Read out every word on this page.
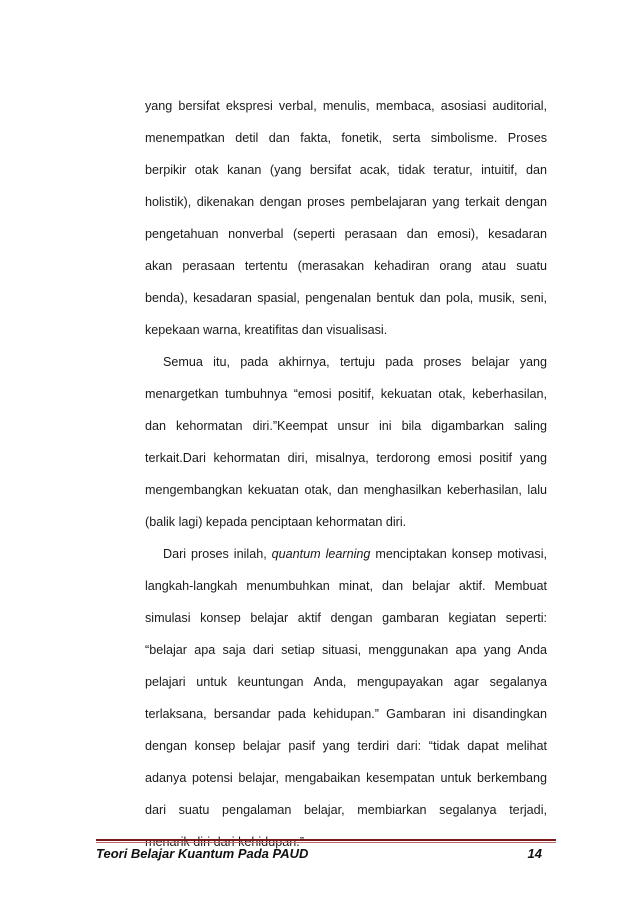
yang bersifat ekspresi verbal, menulis, membaca, asosiasi auditorial,
menempatkan detil dan fakta, fonetik, serta simbolisme. Proses
berpikir otak kanan (yang bersifat acak, tidak teratur, intuitif, dan
holistik), dikenakan dengan proses pembelajaran yang terkait dengan
pengetahuan nonverbal (seperti perasaan dan emosi), kesadaran
akan perasaan tertentu (merasakan kehadiran orang atau suatu
benda), kesadaran spasial, pengenalan bentuk dan pola, musik, seni,
kepekaan warna, kreatifitas dan visualisasi.
Semua itu, pada akhirnya, tertuju pada proses belajar yang
menargetkan tumbuhnya “emosi positif, kekuatan otak, keberhasilan,
dan kehormatan diri.”Keempat unsur ini bila digambarkan saling
terkait.Dari kehormatan diri, misalnya, terdorong emosi positif yang
mengembangkan kekuatan otak, dan menghasilkan keberhasilan, lalu
(balik lagi) kepada penciptaan kehormatan diri.
Dari proses inilah, quantum learning menciptakan konsep motivasi,
langkah-langkah menumbuhkan minat, dan belajar aktif. Membuat
simulasi konsep belajar aktif dengan gambaran kegiatan seperti:
“belajar apa saja dari setiap situasi, menggunakan apa yang Anda
pelajari untuk keuntungan Anda, mengupayakan agar segalanya
terlaksana, bersandar pada kehidupan.” Gambaran ini disandingkan
dengan konsep belajar pasif yang terdiri dari: “tidak dapat melihat
adanya potensi belajar, mengabaikan kesempatan untuk berkembang
dari suatu pengalaman belajar, membiarkan segalanya terjadi,
Teori Belajar Kuantum Pada PAUD	14
